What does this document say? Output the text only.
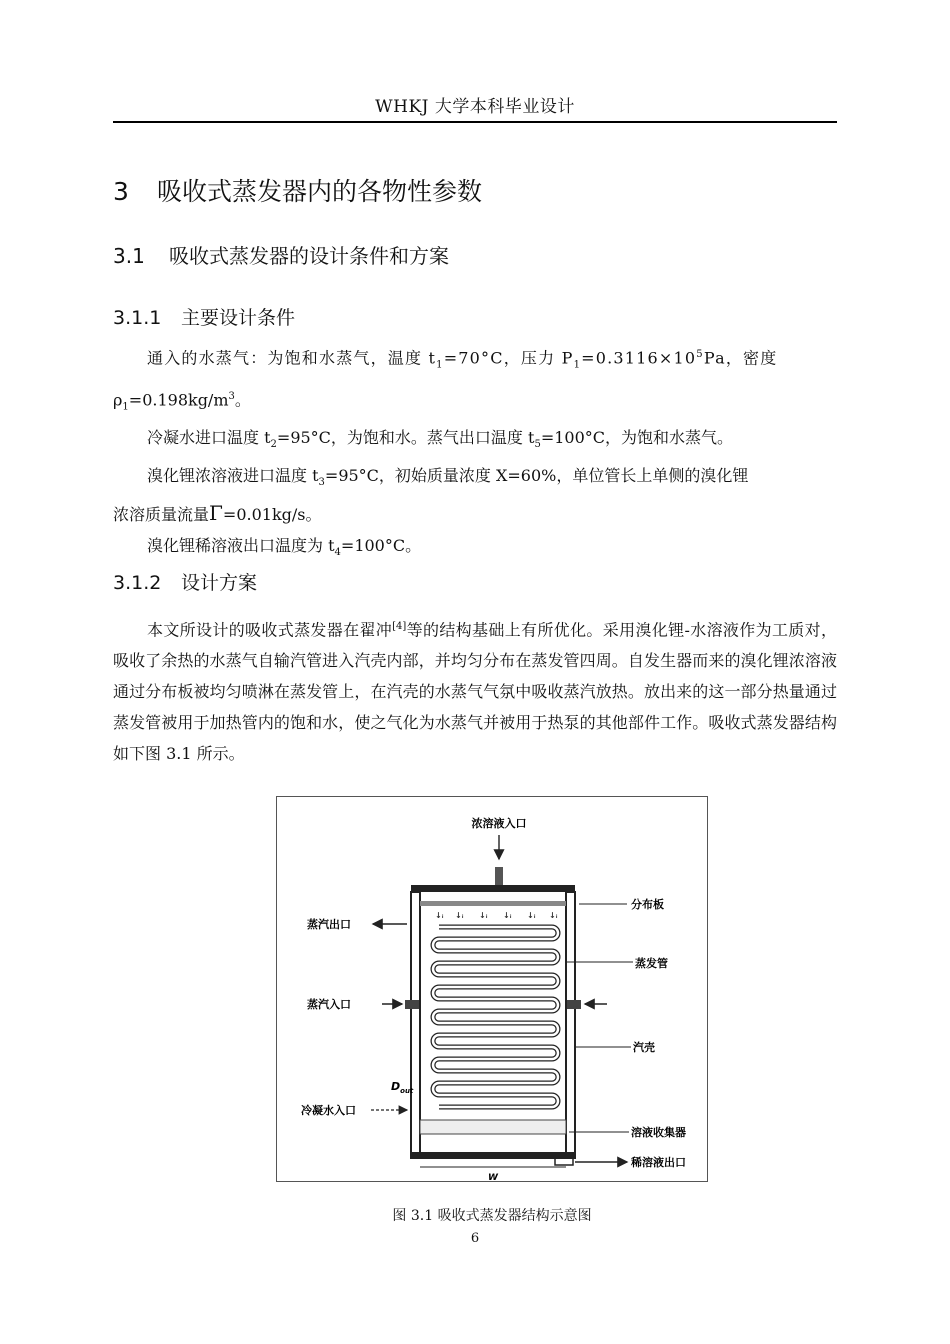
WHKJ 大学本科毕业设计
3 吸收式蒸发器内的各物性参数
3.1 吸收式蒸发器的设计条件和方案
3.1.1 主要设计条件
通入的水蒸气：为饱和水蒸气，温度 $t_1=70^\circ C$，压力 $P_1=0.3116\times 10^5Pa$，密度
$\rho_1=0.198kg/m^3$。
冷凝水进口温度 $t_2=95^\circ C$，为饱和水。蒸气出口温度 $t_5=100^\circ C$，为饱和水蒸气。
溴化锂浓溶液进口温度 $t_3=95^\circ C$，初始质量浓度 X=60%，单位管长上单侧的溴化锂
浓溶质量流量Γ=0.01kg/s。
溴化锂稀溶液出口温度为 $t_4=100^\circ C$。
3.1.2 设计方案
本文所设计的吸收式蒸发器在翟冲[4]等的结构基础上有所优化。采用溴化锂-水溶液作为工质对，吸收了余热的水蒸气自输汽管进入汽壳内部，并均匀分布在蒸发管四周。自发生器而来的溴化锂浓溶液通过分布板被均匀喷淋在蒸发管上，在汽壳的水蒸气气氛中吸收蒸汽放热。放出来的这一部分热量通过蒸发管被用于加热管内的饱和水，使之气化为水蒸气并被用于热泵的其他部件工作。吸收式蒸发器结构如下图 3.1 所示。
浓溶液入口
↓ᵢ ↓ᵢ ↓ᵢ ↓ᵢ ↓ᵢ ↓ᵢ
W
分布板
蒸汽出口
蒸发管
蒸汽入口
汽壳
$D_{out}$
冷凝水入口
溶液收集器
稀溶液出口
图 3.1 吸收式蒸发器结构示意图
6
